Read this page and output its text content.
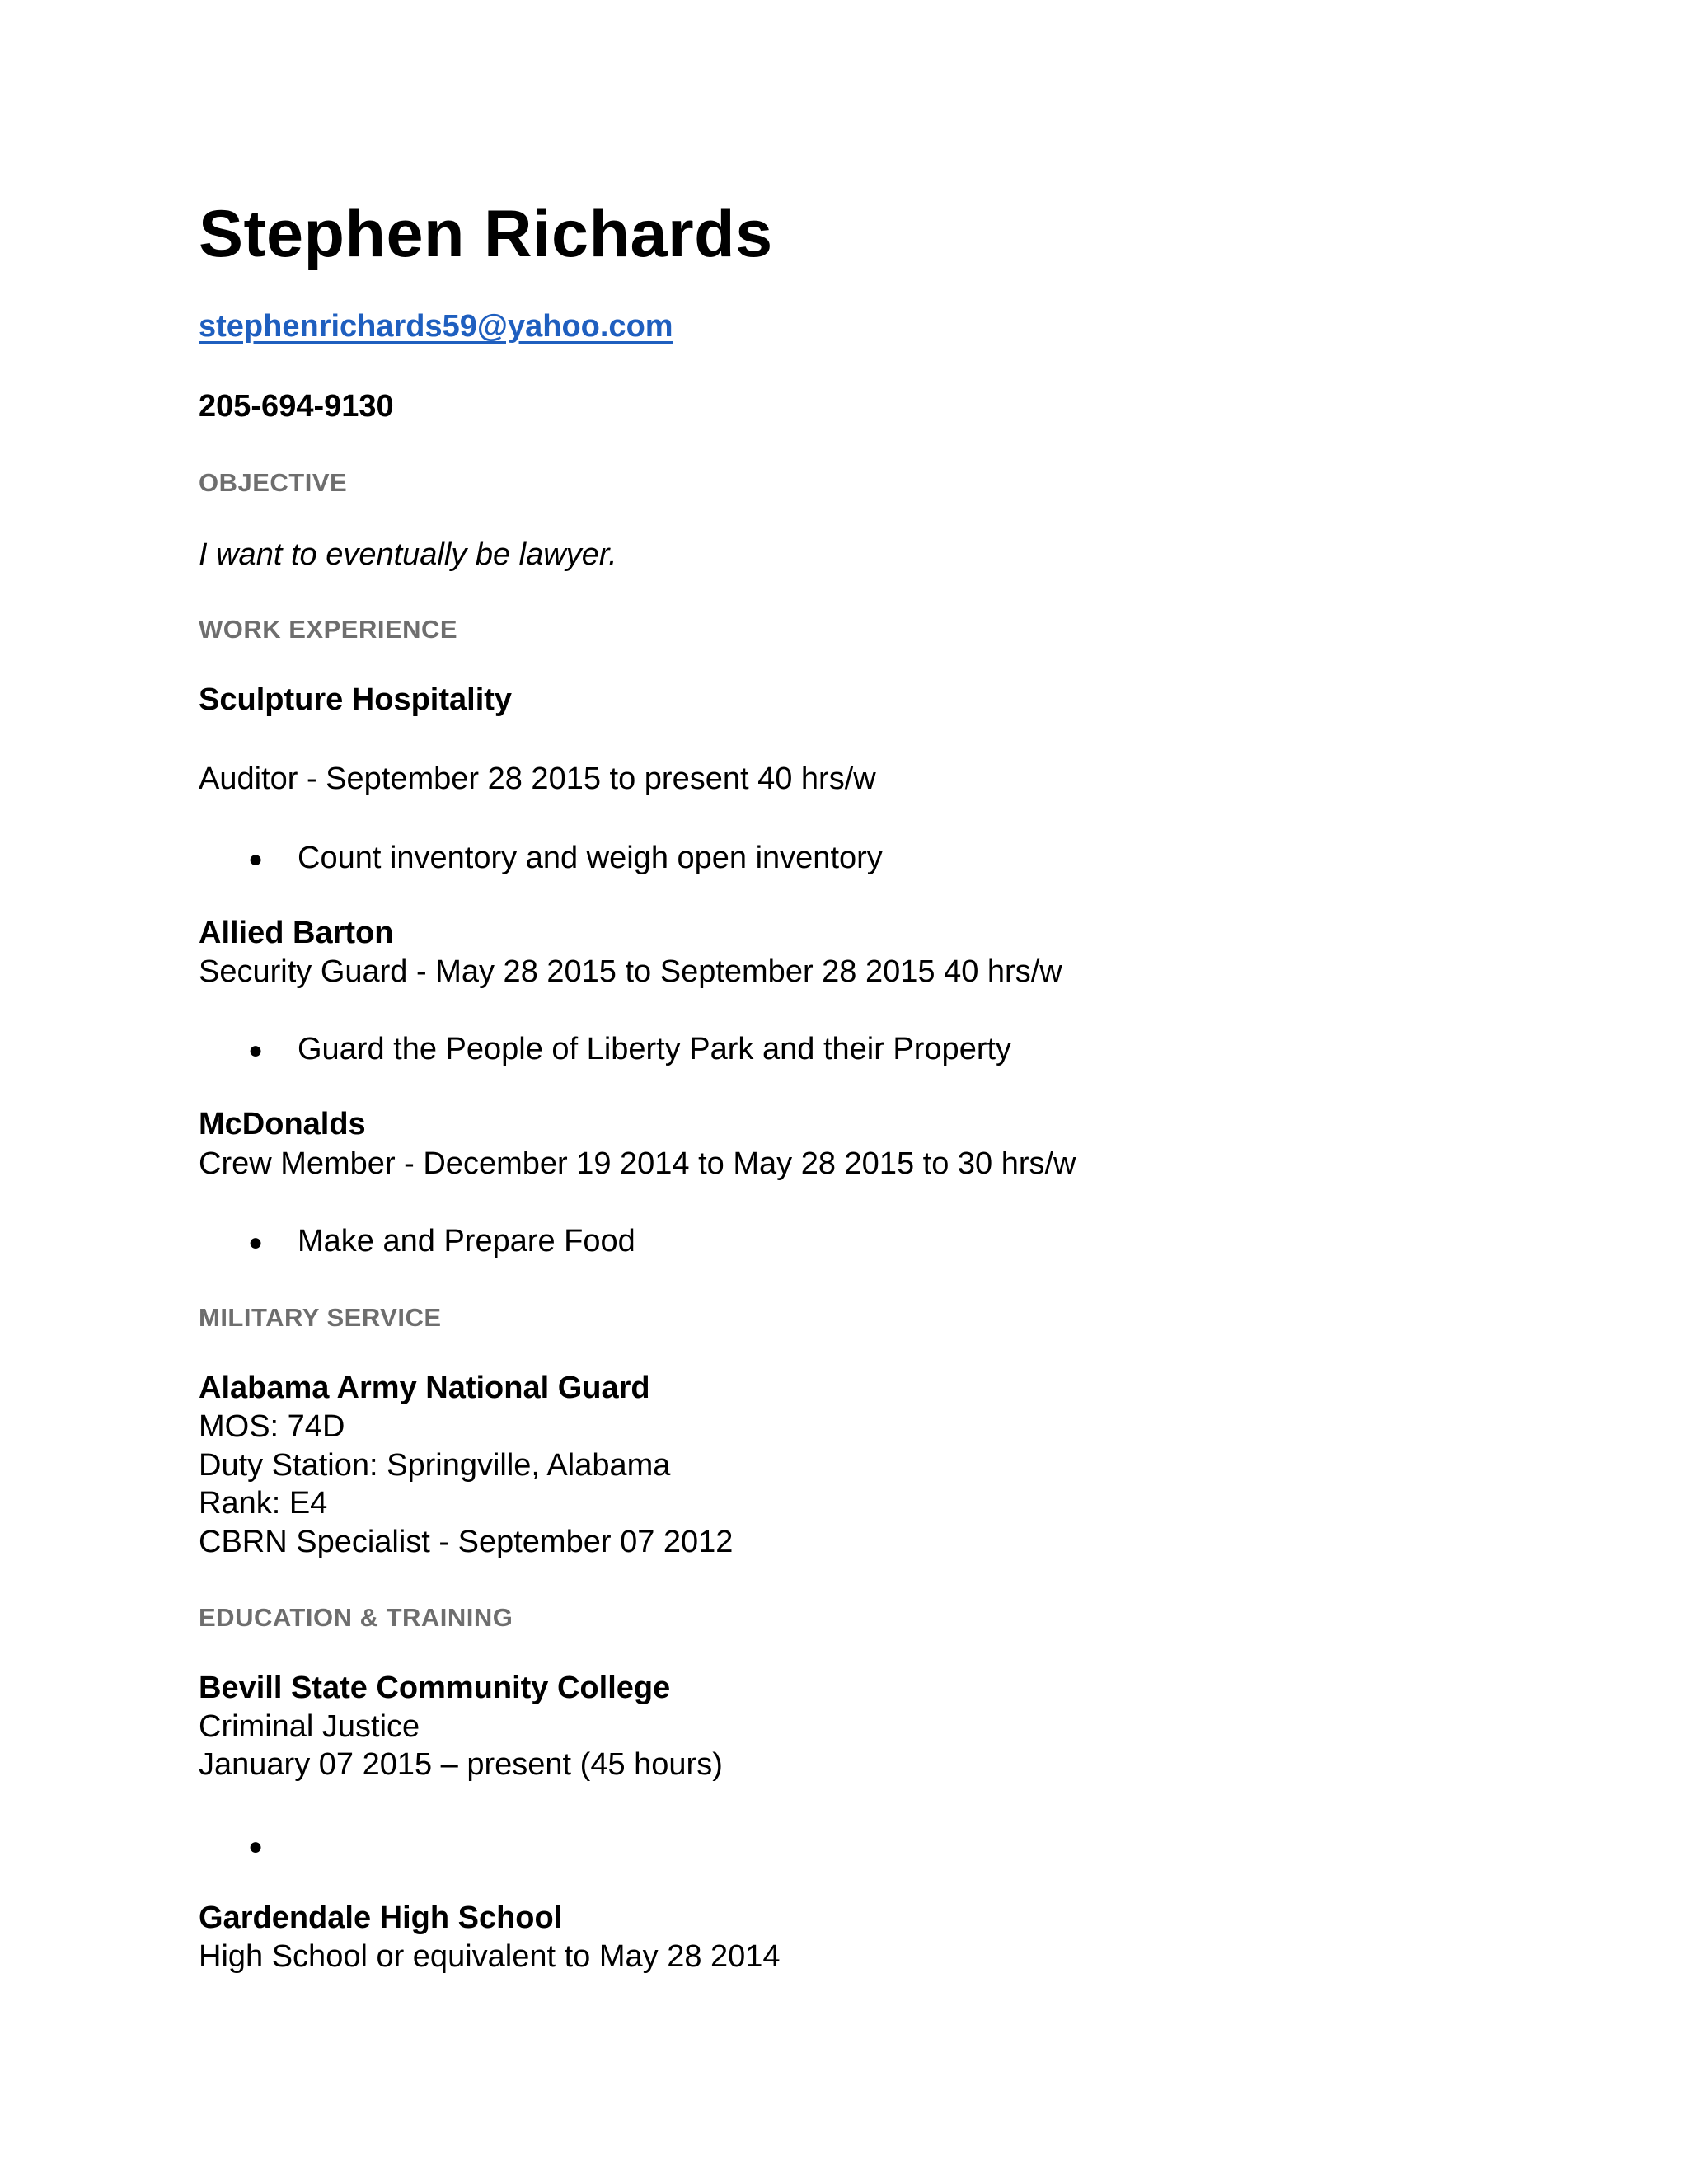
Stephen Richards
stephenrichards59@yahoo.com
205-694-9130
OBJECTIVE
I want to eventually be lawyer.
WORK EXPERIENCE
Sculpture Hospitality
Auditor - September 28 2015 to present 40 hrs/w
● Count inventory and weigh open inventory
Allied Barton
Security Guard - May 28 2015 to September 28 2015 40 hrs/w
● Guard the People of Liberty Park and their Property
McDonalds
Crew Member - December 19 2014 to May 28 2015 to 30 hrs/w
● Make and Prepare Food
MILITARY SERVICE
Alabama Army National Guard
MOS: 74D
Duty Station: Springville, Alabama
Rank: E4
CBRN Specialist - September 07 2012
EDUCATION & TRAINING
Bevill State Community College
Criminal Justice
January 07 2015 – present (45 hours)
●
Gardendale High School
High School or equivalent to May 28 2014
